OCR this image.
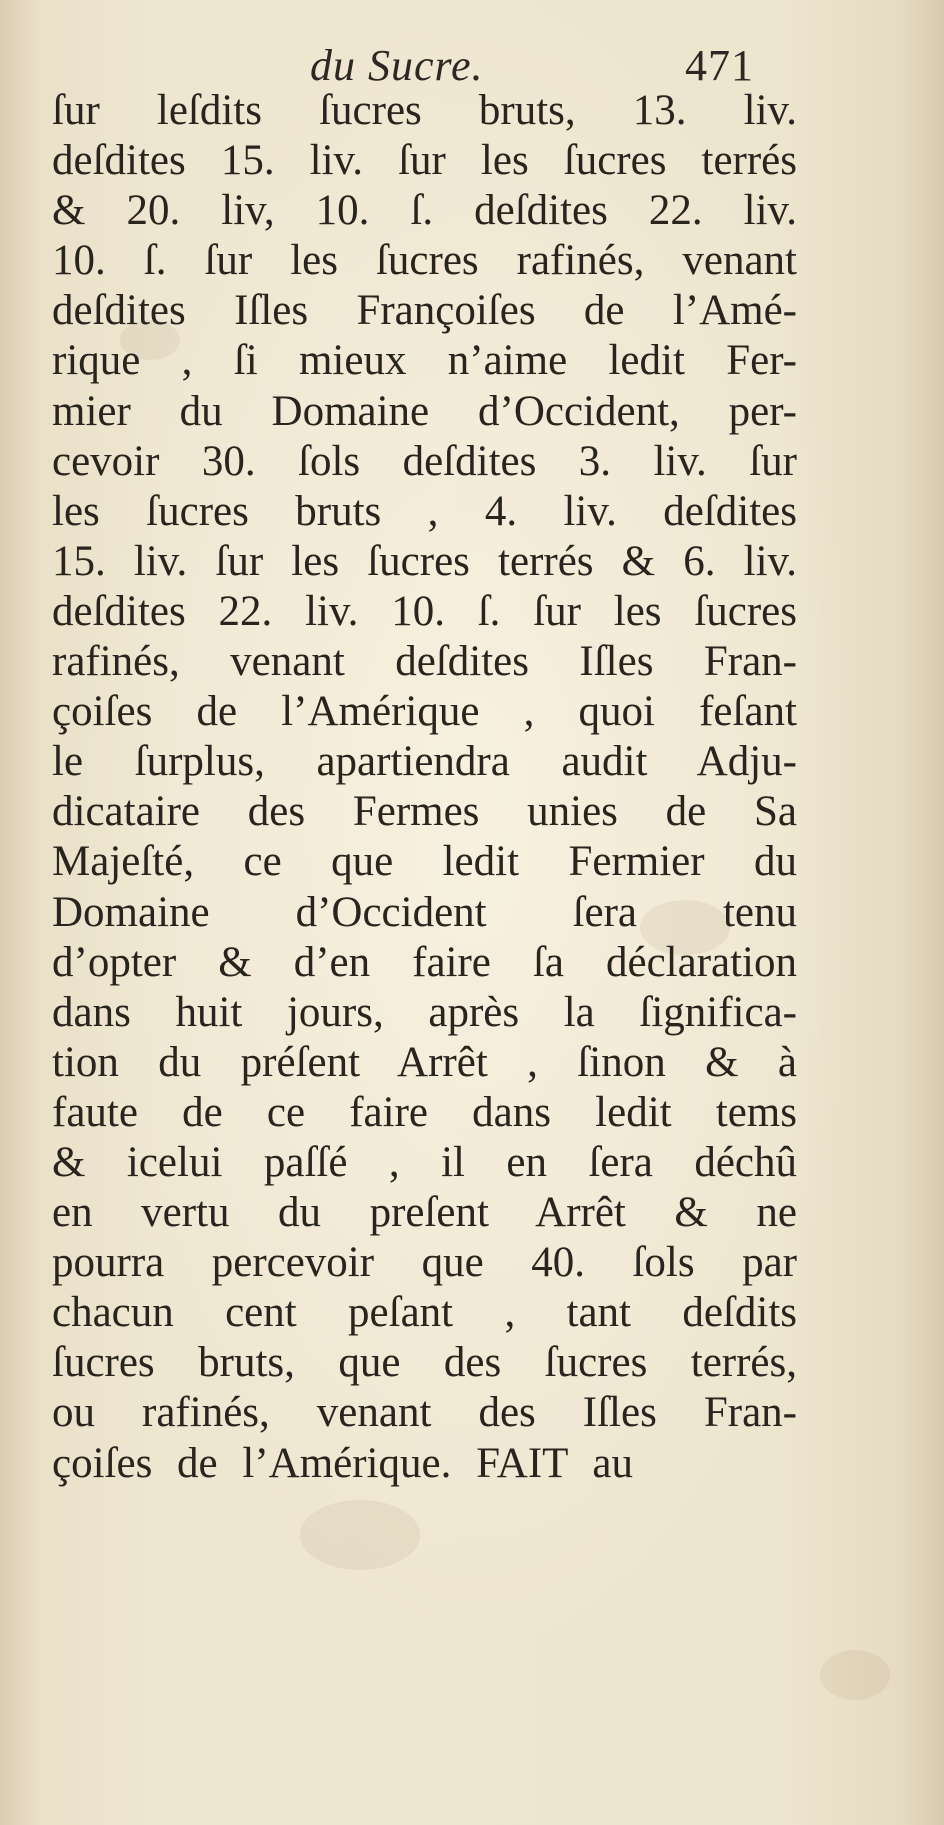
du Sucre.	471
ſur leſdits ſucres bruts, 13. liv.
deſdites 15. liv. ſur les ſucres terrés
& 20. liv, 10. ſ. deſdites 22. liv.
10. ſ. ſur les ſucres rafinés, venant
deſdites Iſles Françoiſes de l’Amé-
rique , ſi mieux n’aime ledit Fer-
mier du Domaine d’Occident, per-
cevoir 30. ſols deſdites 3. liv. ſur
les ſucres bruts , 4. liv. deſdites
15. liv. ſur les ſucres terrés & 6. liv.
deſdites 22. liv. 10. ſ. ſur les ſucres
rafinés, venant deſdites Iſles Fran-
çoiſes de l’Amérique , quoi feſant
le ſurplus, apartiendra audit Adju-
dicataire des Fermes unies de Sa
Majeſté, ce que ledit Fermier du
Domaine d’Occident ſera tenu
d’opter & d’en faire ſa déclaration
dans huit jours, après la ſignifica-
tion du préſent Arrêt , ſinon & à
faute de ce faire dans ledit tems
& icelui paſſé , il en ſera déchû
en vertu du preſent Arrêt & ne
pourra percevoir que 40. ſols par
chacun cent peſant , tant deſdits
ſucres bruts, que des ſucres terrés,
ou rafinés, venant des Iſles Fran-
çoiſes de l’Amérique. FAIT au
